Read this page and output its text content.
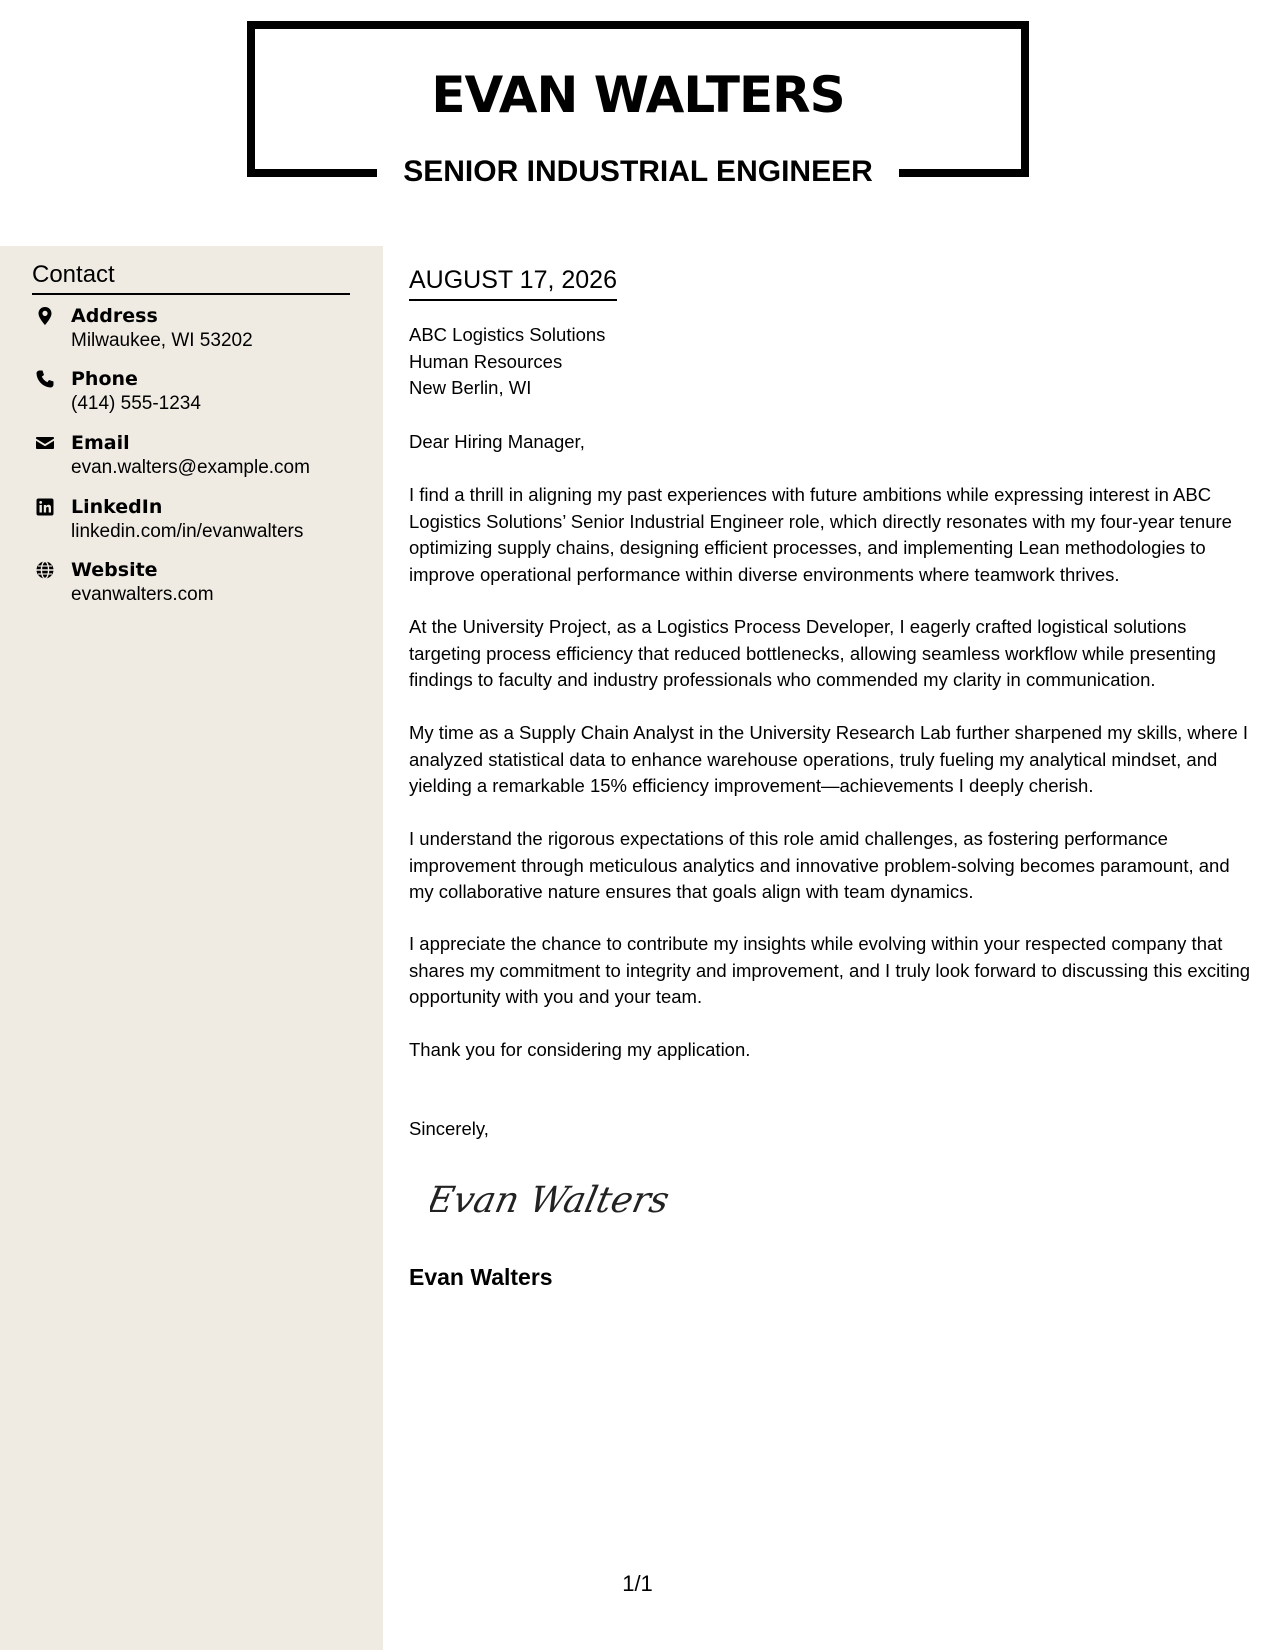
EVAN WALTERS
SENIOR INDUSTRIAL ENGINEER
Contact
Address
Milwaukee, WI 53202
Phone
(414) 555-1234
Email
evan.walters@example.com
LinkedIn
linkedin.com/in/evanwalters
Website
evanwalters.com
AUGUST 17, 2026
ABC Logistics Solutions
Human Resources
New Berlin, WI
Dear Hiring Manager,
I find a thrill in aligning my past experiences with future ambitions while expressing interest in ABC Logistics Solutions’ Senior Industrial Engineer role, which directly resonates with my four-year tenure optimizing supply chains, designing efficient processes, and implementing Lean methodologies to improve operational performance within diverse environments where teamwork thrives.
At the University Project, as a Logistics Process Developer, I eagerly crafted logistical solutions targeting process efficiency that reduced bottlenecks, allowing seamless workflow while presenting findings to faculty and industry professionals who commended my clarity in communication.
My time as a Supply Chain Analyst in the University Research Lab further sharpened my skills, where I analyzed statistical data to enhance warehouse operations, truly fueling my analytical mindset, and yielding a remarkable 15% efficiency improvement—achievements I deeply cherish.
I understand the rigorous expectations of this role amid challenges, as fostering performance improvement through meticulous analytics and innovative problem-solving becomes paramount, and my collaborative nature ensures that goals align with team dynamics.
I appreciate the chance to contribute my insights while evolving within your respected company that shares my commitment to integrity and improvement, and I truly look forward to discussing this exciting opportunity with you and your team.
Thank you for considering my application.
Sincerely,
Evan Walters
Evan Walters
1/1
